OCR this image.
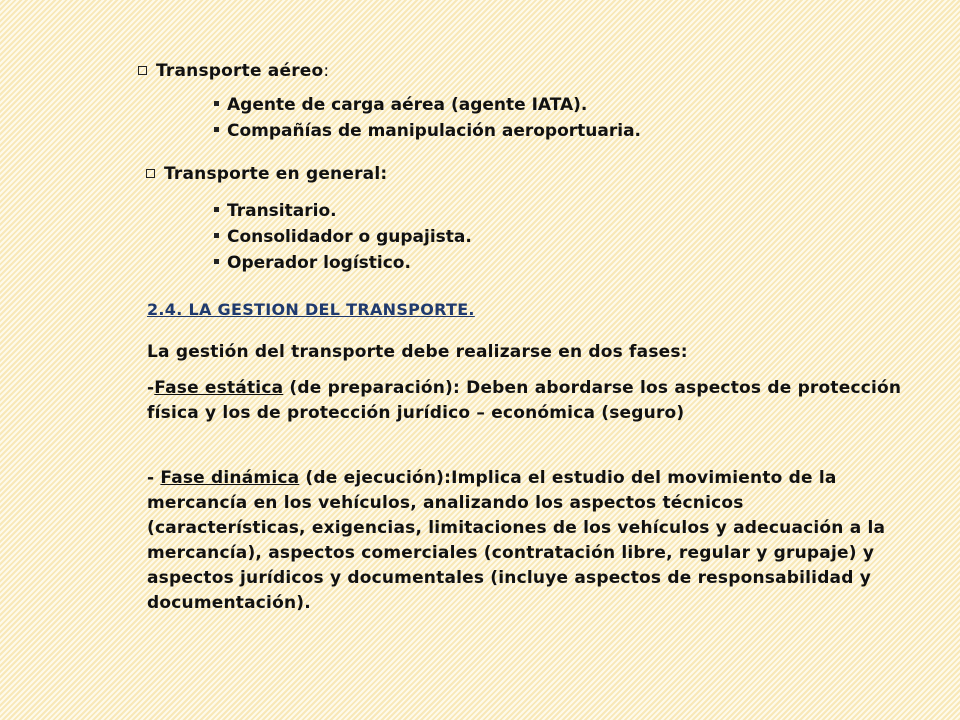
Transporte aéreo:
Agente de carga aérea (agente IATA).
Compañías de manipulación aeroportuaria.
Transporte en general:
Transitario.
Consolidador o gupajista.
Operador logístico.
2.4. LA GESTION DEL TRANSPORTE.
La gestión del transporte debe realizarse en dos fases:
-Fase estática (de preparación): Deben abordarse los aspectos de protección física y los de protección jurídico – económica (seguro)
- Fase dinámica (de ejecución):Implica el estudio del movimiento de la mercancía en los vehículos, analizando los aspectos técnicos (características, exigencias, limitaciones de los vehículos y adecuación a la mercancía), aspectos comerciales (contratación libre, regular y grupaje) y aspectos jurídicos y documentales (incluye aspectos de responsabilidad y documentación).
